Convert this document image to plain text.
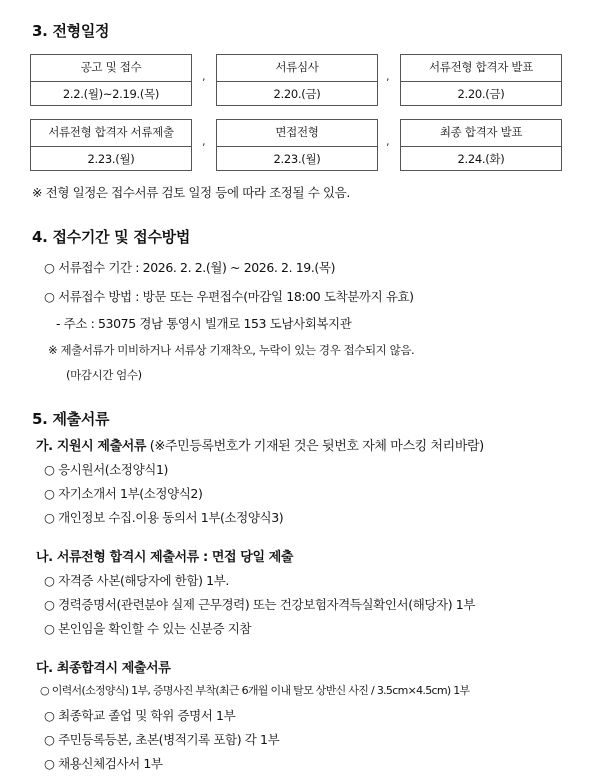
3. 전형일정
공고 및 접수
2.2.(월)~2.19.(목)
,
서류심사
2.20.(금)
,
서류전형 합격자 발표
2.20.(금)
서류전형 합격자 서류제출
2.23.(월)
,
면접전형
2.23.(월)
,
최종 합격자 발표
2.24.(화)
※ 전형 일정은 접수서류 검토 일정 등에 따라 조정될 수 있음.
4. 접수기간 및 접수방법
○ 서류접수 기간 : 2026. 2. 2.(월) ~ 2026. 2. 19.(목)
○ 서류접수 방법 : 방문 또는 우편접수(마감일 18:00 도착분까지 유효)
- 주소 : 53075 경남 통영시 빌개로 153 도남사회복지관
※ 제출서류가 미비하거나 서류상 기재착오, 누락이 있는 경우 접수되지 않음.
(마감시간 엄수)
5. 제출서류
가. 지원시 제출서류 (※주민등록번호가 기재된 것은 뒷번호 자체 마스킹 처리바람)
○ 응시원서(소정양식1)
○ 자기소개서 1부(소정양식2)
○ 개인정보 수집.이용 동의서 1부(소정양식3)
나. 서류전형 합격시 제출서류 : 면접 당일 제출
○ 자격증 사본(해당자에 한함) 1부.
○ 경력증명서(관련분야 실제 근무경력) 또는 건강보험자격득실확인서(해당자) 1부
○ 본인임을 확인할 수 있는 신분증 지참
다. 최종합격시 제출서류
○ 이력서(소정양식) 1부, 증명사진 부착(최근 6개월 이내 탈모 상반신 사진 / 3.5cm×4.5cm) 1부
○ 최종학교 졸업 및 학위 증명서 1부
○ 주민등록등본, 초본(병적기록 포함) 각 1부
○ 채용신체검사서 1부
